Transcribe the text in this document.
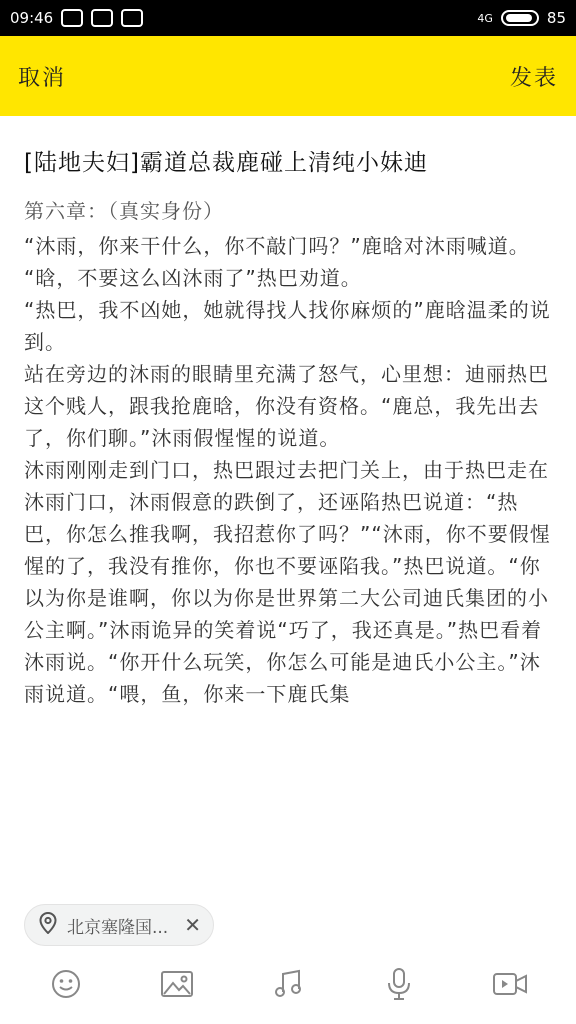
09:46	4G	85
取消	发表
[陆地夫妇]霸道总裁鹿碰上清纯小妹迪
第六章：（真实身份）

“沐雨，你来干什么，你不敲门吗？”鹿晗对沐雨喊道。

“晗，不要这么凶沐雨了”热巴劝道。

“热巴，我不凶她，她就得找人找你麻烦的”鹿晗温柔的说到。

站在旁边的沐雨的眼睛里充满了怒气，心里想：迪丽热巴这个贱人，跟我抢鹿晗，你没有资格。“鹿总，我先出去了，你们聊。”沐雨假惺惺的说道。

沐雨刚刚走到门口，热巴跟过去把门关上，由于热巴走在沐雨门口，沐雨假意的跌倒了，还诬陷热巴说道：“热巴，你怎么推我啊，我招惹你了吗？”“沐雨，你不要假惺惺的了，我没有推你，你也不要诬陷我。”热巴说道。“你以为你是谁啊，你以为你是世界第二大公司迪氏集团的小公主啊。”沐雨诡异的笑着说“巧了，我还真是。”热巴看着沐雨说。“你开什么玩笑，你怎么可能是迪氏小公主。”沐雨说道。“喂，鱼，你来一下鹿氏集

北京塞隆国... ✕
